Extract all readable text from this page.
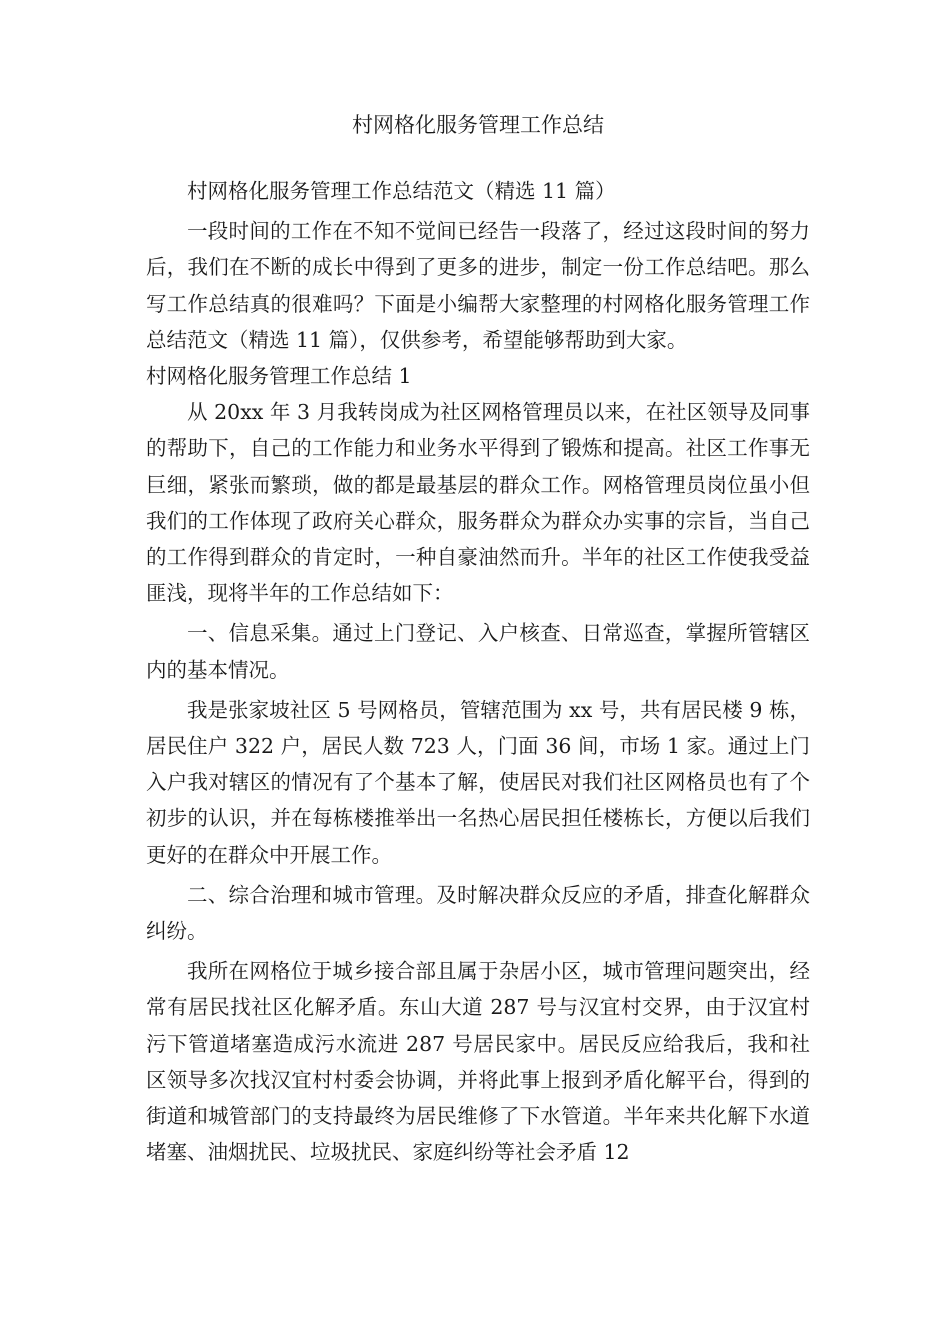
村网格化服务管理工作总结

村网格化服务管理工作总结范文（精选 11 篇）

一段时间的工作在不知不觉间已经告一段落了，经过这段时间的努力后，我们在不断的成长中得到了更多的进步，制定一份工作总结吧。那么写工作总结真的很难吗？下面是小编帮大家整理的村网格化服务管理工作总结范文（精选 11 篇），仅供参考，希望能够帮助到大家。

村网格化服务管理工作总结 1

从 20xx 年 3 月我转岗成为社区网格管理员以来，在社区领导及同事的帮助下，自己的工作能力和业务水平得到了锻炼和提高。社区工作事无巨细，紧张而繁琐，做的都是最基层的群众工作。网格管理员岗位虽小但我们的工作体现了政府关心群众，服务群众为群众办实事的宗旨，当自己的工作得到群众的肯定时，一种自豪油然而升。半年的社区工作使我受益匪浅，现将半年的工作总结如下：

一、信息采集。通过上门登记、入户核查、日常巡查，掌握所管辖区内的基本情况。

我是张家坡社区 5 号网格员，管辖范围为 xx 号，共有居民楼 9 栋，居民住户 322 户，居民人数 723 人，门面 36 间，市场 1 家。通过上门入户我对辖区的情况有了个基本了解，使居民对我们社区网格员也有了个初步的认识，并在每栋楼推举出一名热心居民担任楼栋长，方便以后我们更好的在群众中开展工作。

二、综合治理和城市管理。及时解决群众反应的矛盾，排查化解群众纠纷。

我所在网格位于城乡接合部且属于杂居小区，城市管理问题突出，经常有居民找社区化解矛盾。东山大道 287 号与汉宜村交界，由于汉宜村污下管道堵塞造成污水流进 287 号居民家中。居民反应给我后，我和社区领导多次找汉宜村村委会协调，并将此事上报到矛盾化解平台，得到的街道和城管部门的支持最终为居民维修了下水管道。半年来共化解下水道堵塞、油烟扰民、垃圾扰民、家庭纠纷等社会矛盾 12
